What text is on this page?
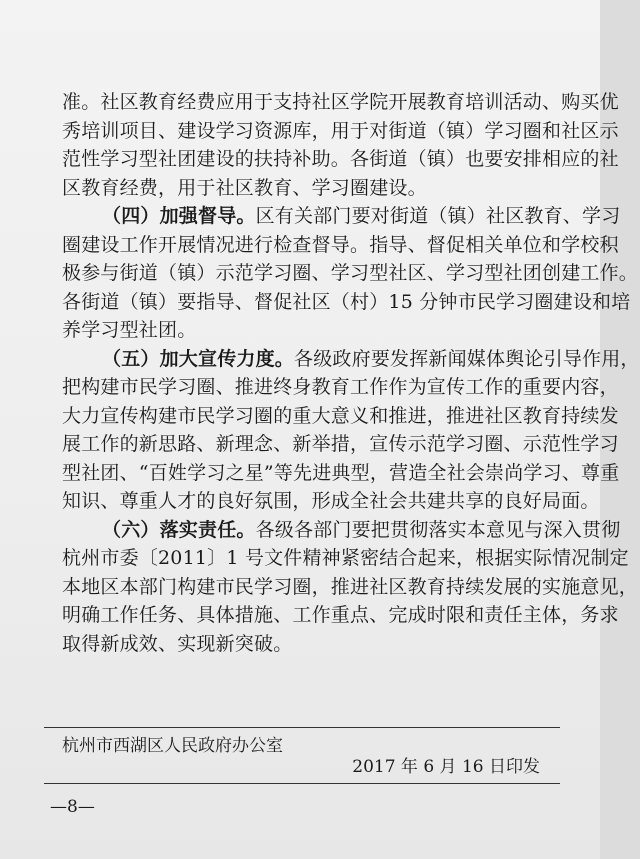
准。社区教育经费应用于支持社区学院开展教育培训活动、购买优
秀培训项目、建设学习资源库，用于对街道（镇）学习圈和社区示
范性学习型社团建设的扶持补助。各街道（镇）也要安排相应的社
区教育经费，用于社区教育、学习圈建设。
（四）加强督导。区有关部门要对街道（镇）社区教育、学习
圈建设工作开展情况进行检查督导。指导、督促相关单位和学校积
极参与街道（镇）示范学习圈、学习型社区、学习型社团创建工作。
各街道（镇）要指导、督促社区（村）15 分钟市民学习圈建设和培
养学习型社团。
（五）加大宣传力度。各级政府要发挥新闻媒体舆论引导作用，
把构建市民学习圈、推进终身教育工作作为宣传工作的重要内容，
大力宣传构建市民学习圈的重大意义和推进，推进社区教育持续发
展工作的新思路、新理念、新举措，宣传示范学习圈、示范性学习
型社团、“百姓学习之星”等先进典型，营造全社会崇尚学习、尊重
知识、尊重人才的良好氛围，形成全社会共建共享的良好局面。
（六）落实责任。各级各部门要把贯彻落实本意见与深入贯彻
杭州市委〔2011〕1 号文件精神紧密结合起来，根据实际情况制定
本地区本部门构建市民学习圈，推进社区教育持续发展的实施意见，
明确工作任务、具体措施、工作重点、完成时限和责任主体，务求
取得新成效、实现新突破。
杭州市西湖区人民政府办公室
2017 年 6 月 16 日印发
—8—
